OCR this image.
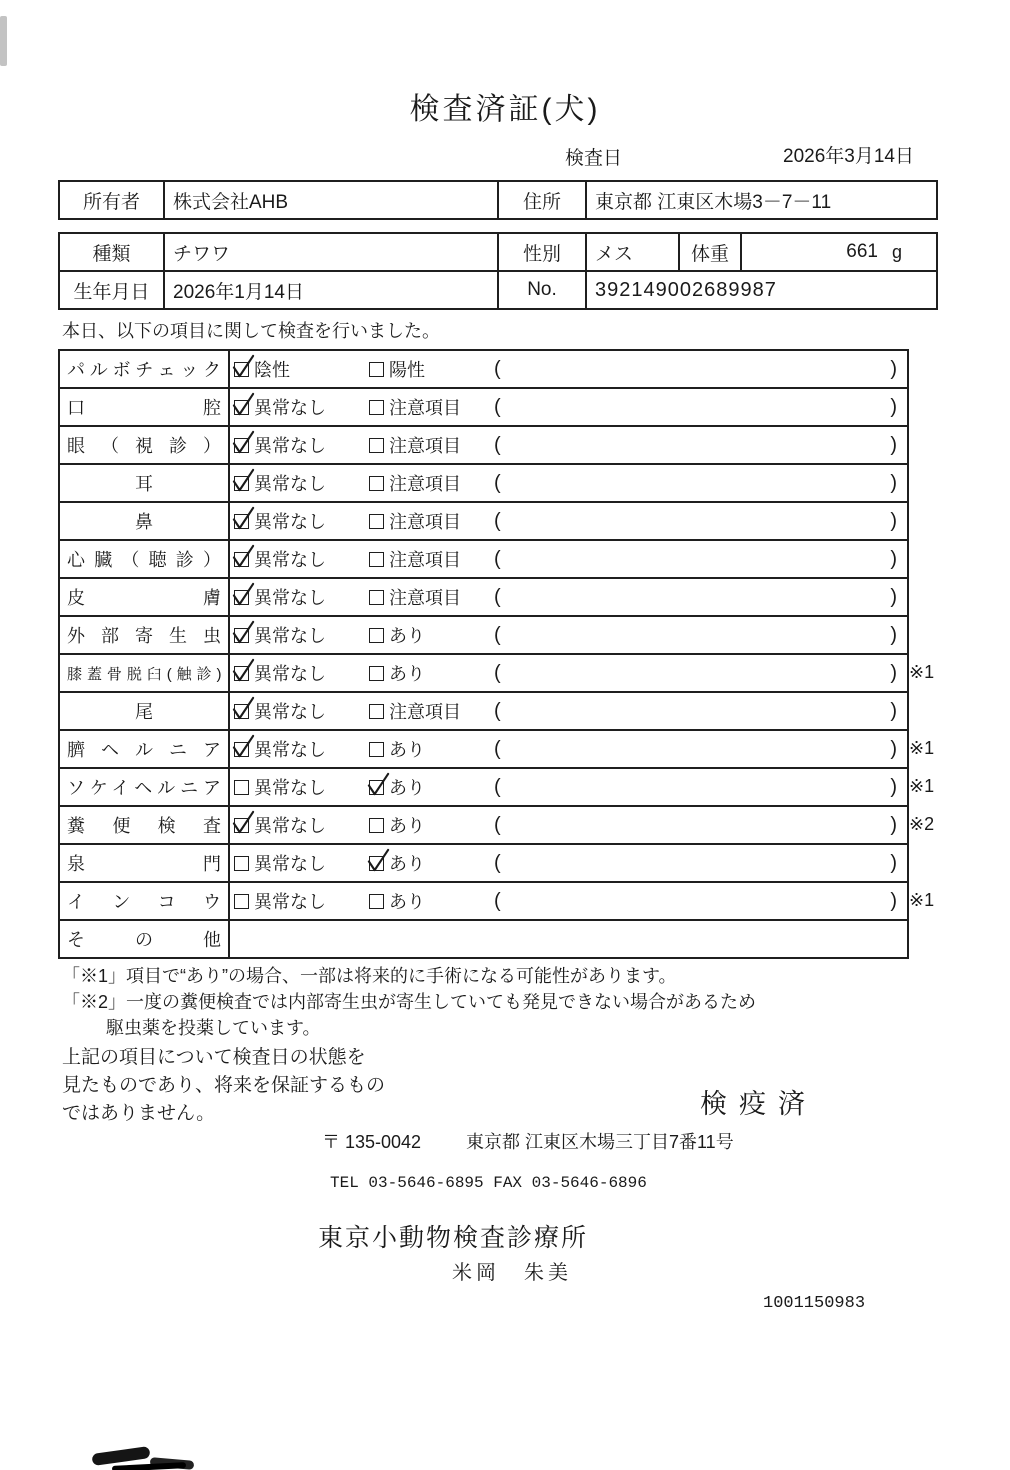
検査済証(犬)
検査日	2026年3月14日
所有者	株式会社AHB	住所	東京都 江東区木場3－7－11
種類	チワワ	性別	メス	体重	661 g
生年月日	2026年1月14日	No.	392149002689987
本日、以下の項目に関して検査を行いました。
パルボチェック 陰性	陽性	(	)
口腔 異常なし	注意項目 (	)
眼（視診） 異常なし	注意項目 (	)
耳	異常なし	注意項目 (	)
鼻	異常なし	注意項目 (	)
心臓（聴診） 異常なし	注意項目 (	)
皮膚 異常なし	注意項目 (	)
外部寄生虫 異常なし	あり	(	)
膝蓋骨脱臼(触診) 異常なし	あり	(	) ※1
尾	異常なし	注意項目 (	)
臍ヘルニア 異常なし	あり	(	) ※1
ソケイヘルニア 異常なし	あり	(	) ※1
糞便検査 異常なし	あり	(	) ※2
泉門 異常なし	あり	(	)
インコウ 異常なし	あり	(	) ※1
その他
「※1」項目で“あり”の場合、一部は将来的に手術になる可能性があります。
「※2」一度の糞便検査では内部寄生虫が寄生していても発見できない場合があるため
駆虫薬を投薬しています。
上記の項目について検査日の状態を
見たものであり、将来を保証するもの
ではありません。	検疫済
〒 135-0042 東京都 江東区木場三丁目7番11号
TEL 03-5646-6895 FAX 03-5646-6896
東京小動物検査診療所
米岡　朱美
1001150983
